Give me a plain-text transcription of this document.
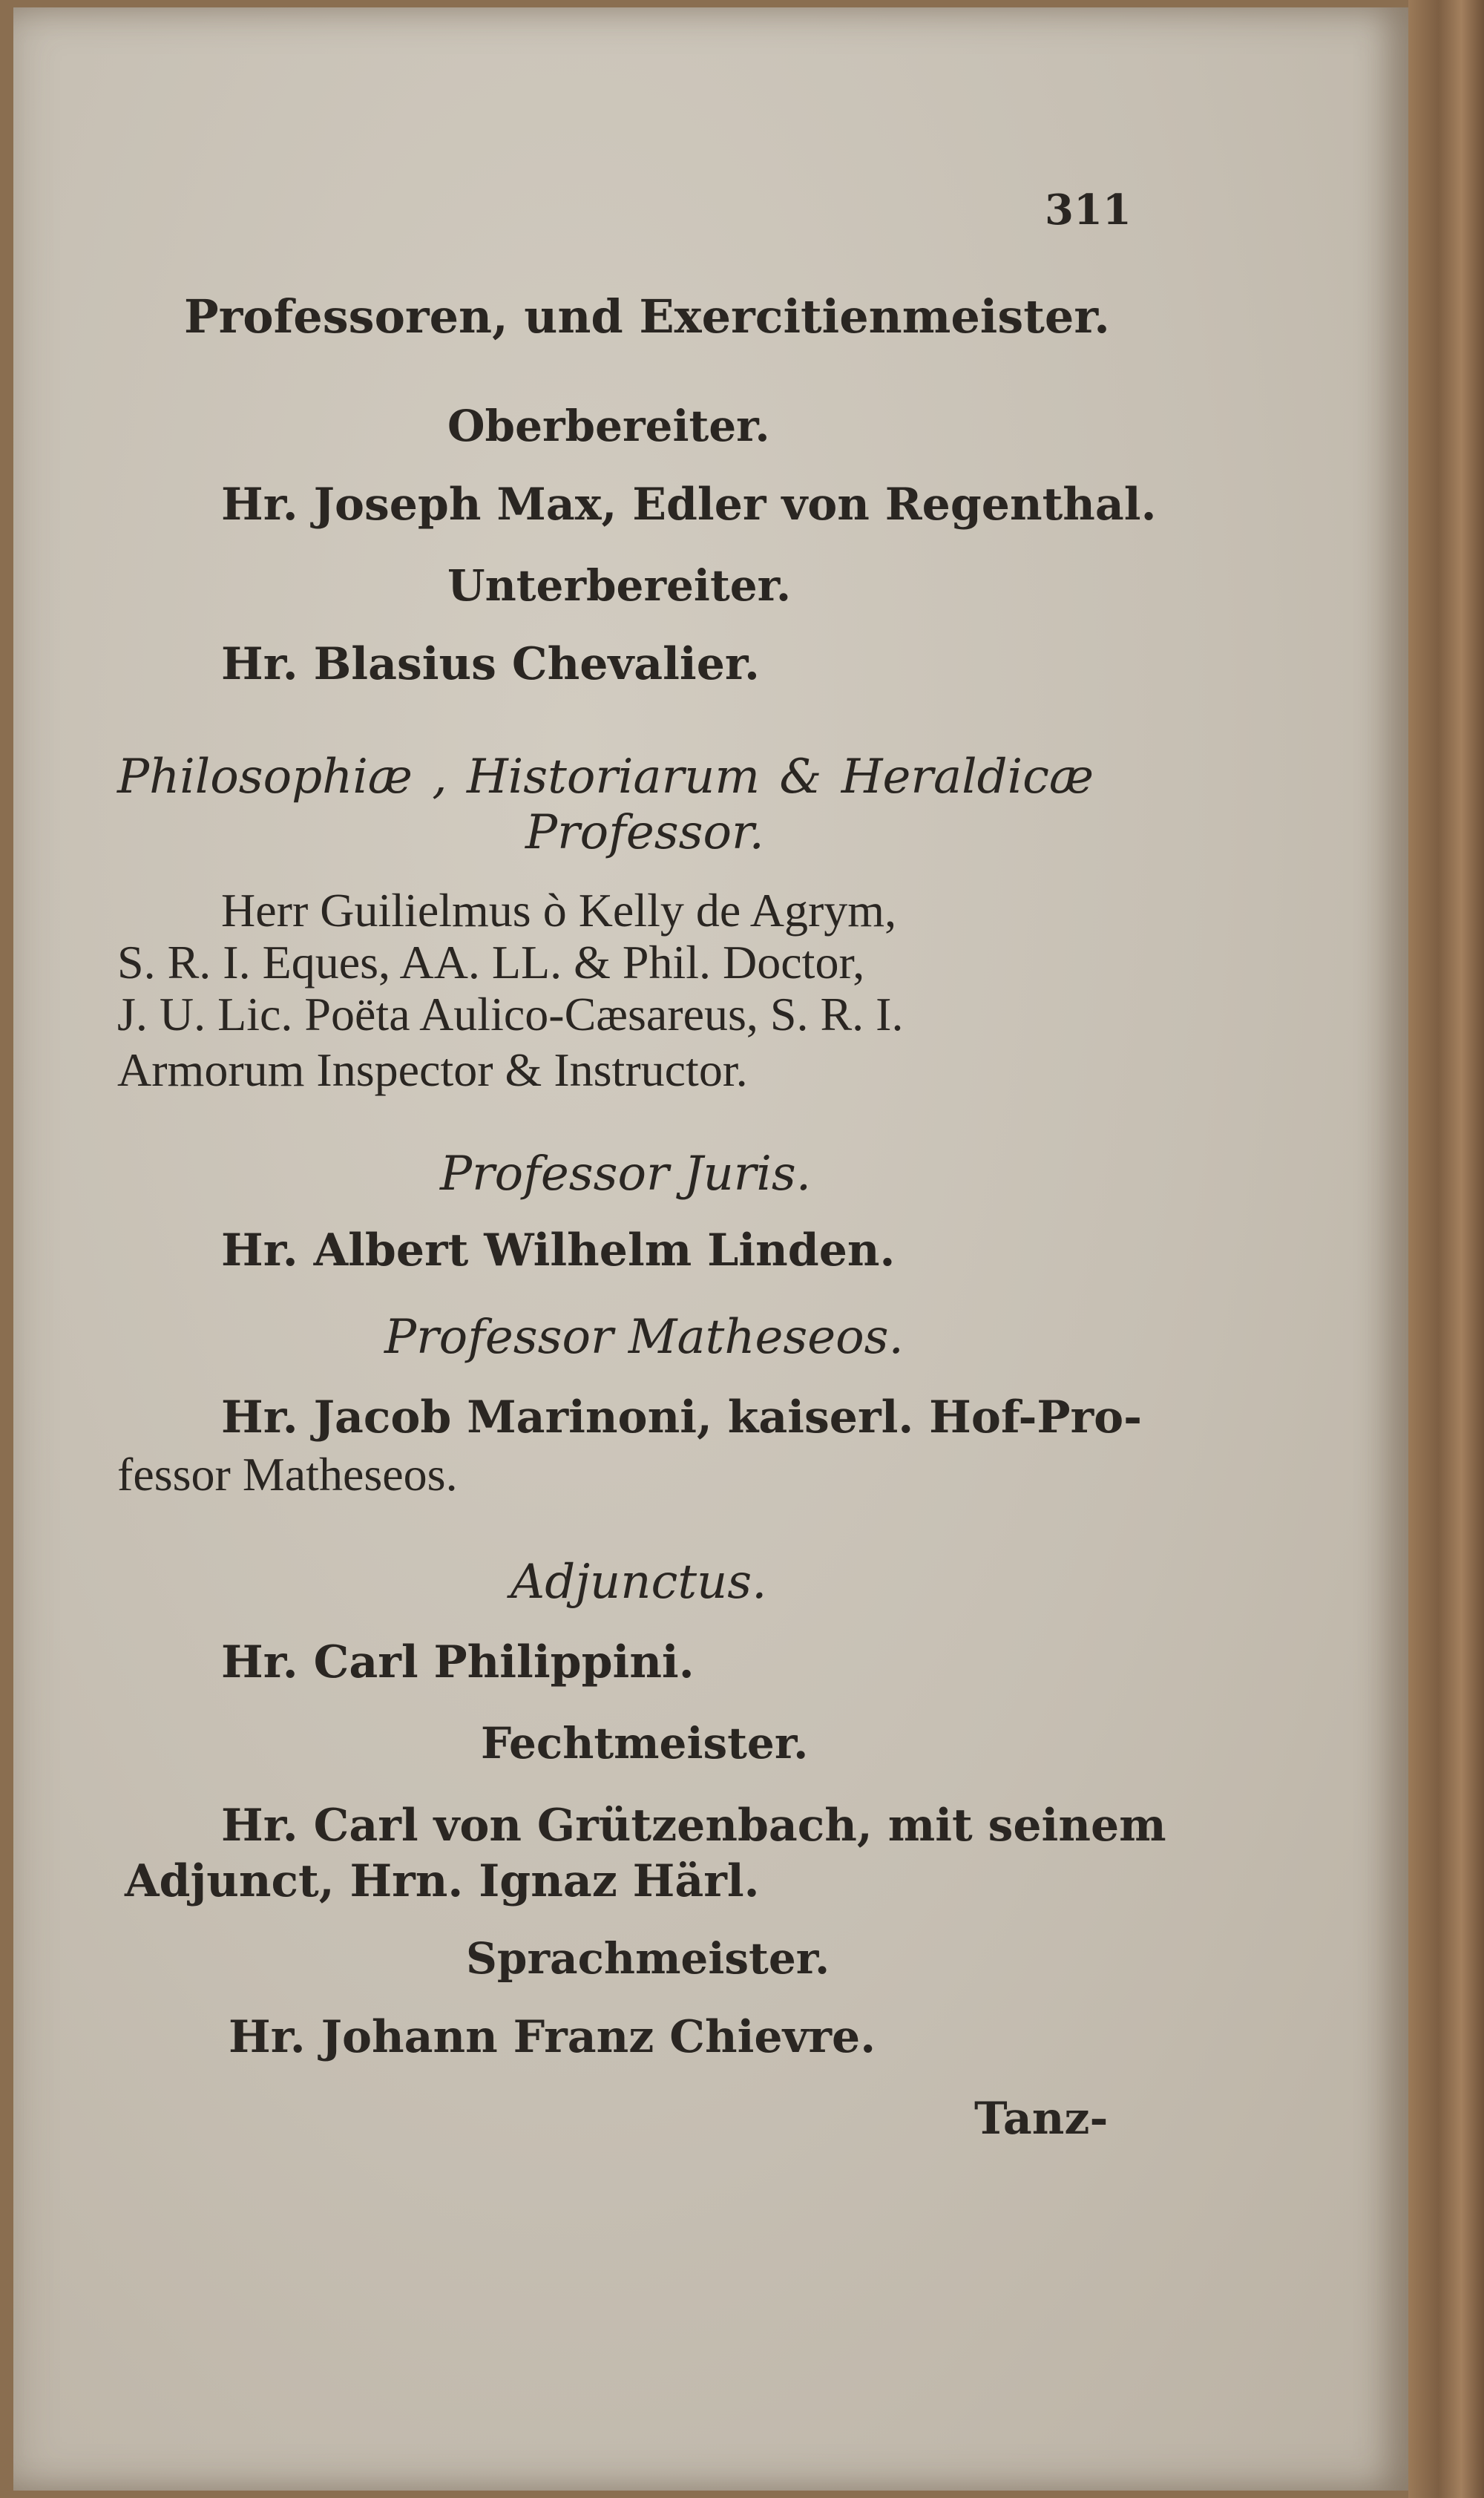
311
Professoren, und Exercitienmeister.
Oberbereiter.
Hr. Joseph Max, Edler von Regenthal.
Unterbereiter.
Hr. Blasius Chevalier.
Philosophiæ , Historiarum & Heraldicæ
Professor.
Herr Guilielmus ò Kelly de Agrym,
S. R. I. Eques, AA. LL. & Phil. Doctor,
J. U. Lic. Poëta Aulico-Cæsareus, S. R. I.
Armorum Inspector & Instructor.
Professor Juris.
Hr. Albert Wilhelm Linden.
Professor Matheseos.
Hr. Jacob Marinoni, kaiserl. Hof-Pro-
fessor Matheseos.
Adjunctus.
Hr. Carl Philippini.
Fechtmeister.
Hr. Carl von Grützenbach, mit seinem
Adjunct, Hrn. Ignaz Härl.
Sprachmeister.
Hr. Johann Franz Chievre.
Tanz-
